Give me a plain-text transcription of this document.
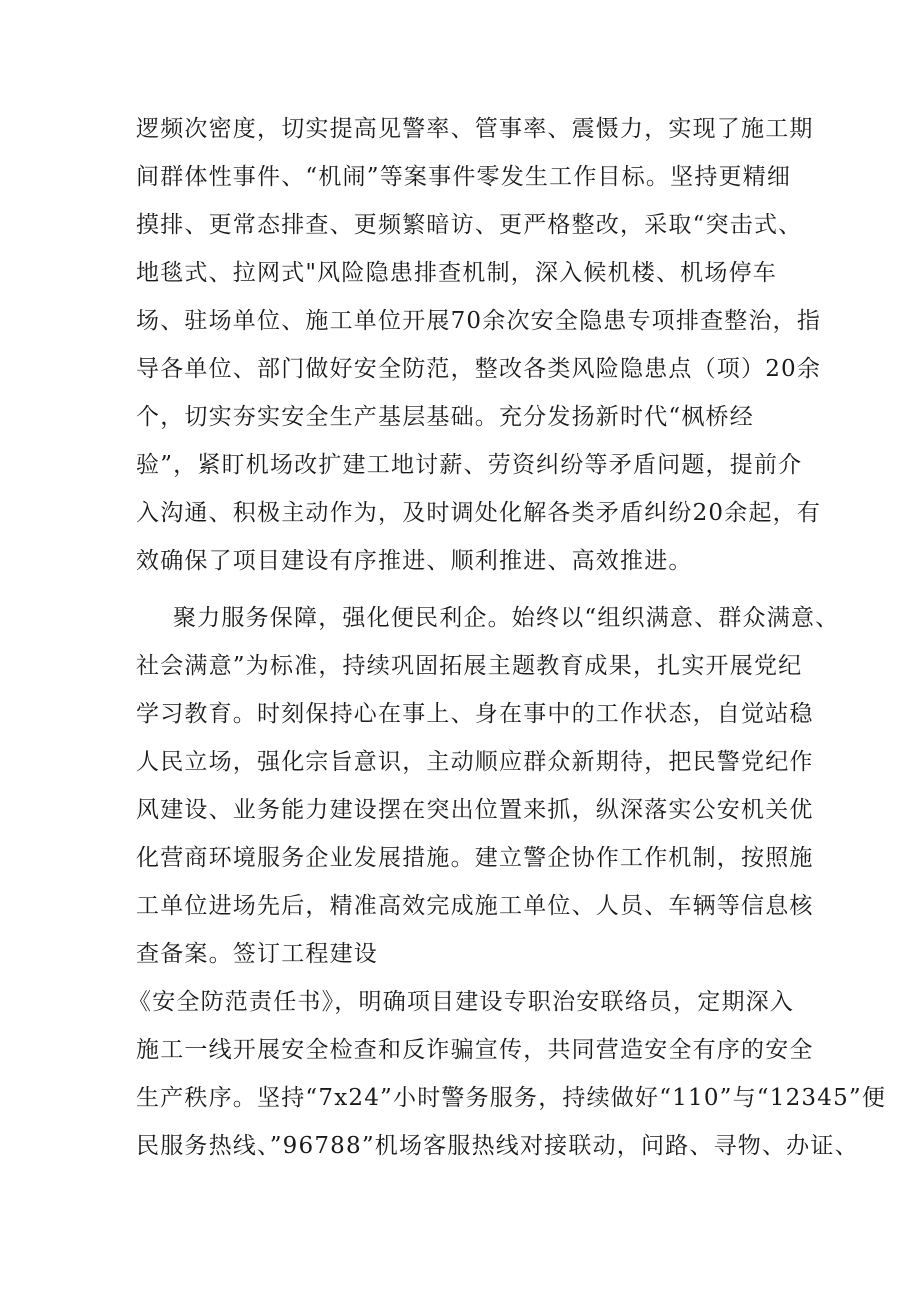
逻频次密度，切实提高见警率、管事率、震慑力，实现了施工期
间群体性事件、“机闹”等案事件零发生工作目标。坚持更精细
摸排、更常态排查、更频繁暗访、更严格整改，采取“突击式、
地毯式、拉网式"风险隐患排查机制，深入候机楼、机场停车
场、驻场单位、施工单位开展70余次安全隐患专项排查整治，指
导各单位、部门做好安全防范，整改各类风险隐患点（项）20余
个，切实夯实安全生产基层基础。充分发扬新时代“枫桥经
验”，紧盯机场改扩建工地讨薪、劳资纠纷等矛盾问题，提前介
入沟通、积极主动作为，及时调处化解各类矛盾纠纷20余起，有
效确保了项目建设有序推进、顺利推进、高效推进。
聚力服务保障，强化便民利企。始终以“组织满意、群众满意、
社会满意”为标准，持续巩固拓展主题教育成果，扎实开展党纪
学习教育。时刻保持心在事上、身在事中的工作状态，自觉站稳
人民立场，强化宗旨意识，主动顺应群众新期待，把民警党纪作
风建设、业务能力建设摆在突出位置来抓，纵深落实公安机关优
化营商环境服务企业发展措施。建立警企协作工作机制，按照施
工单位进场先后，精准高效完成施工单位、人员、车辆等信息核
查备案。签订工程建设
《安全防范责任书》，明确项目建设专职治安联络员，定期深入
施工一线开展安全检查和反诈骗宣传，共同营造安全有序的安全
生产秩序。坚持“7x24”小时警务服务，持续做好“110”与“12345”便
民服务热线、”96788”机场客服热线对接联动，问路、寻物、办证、
